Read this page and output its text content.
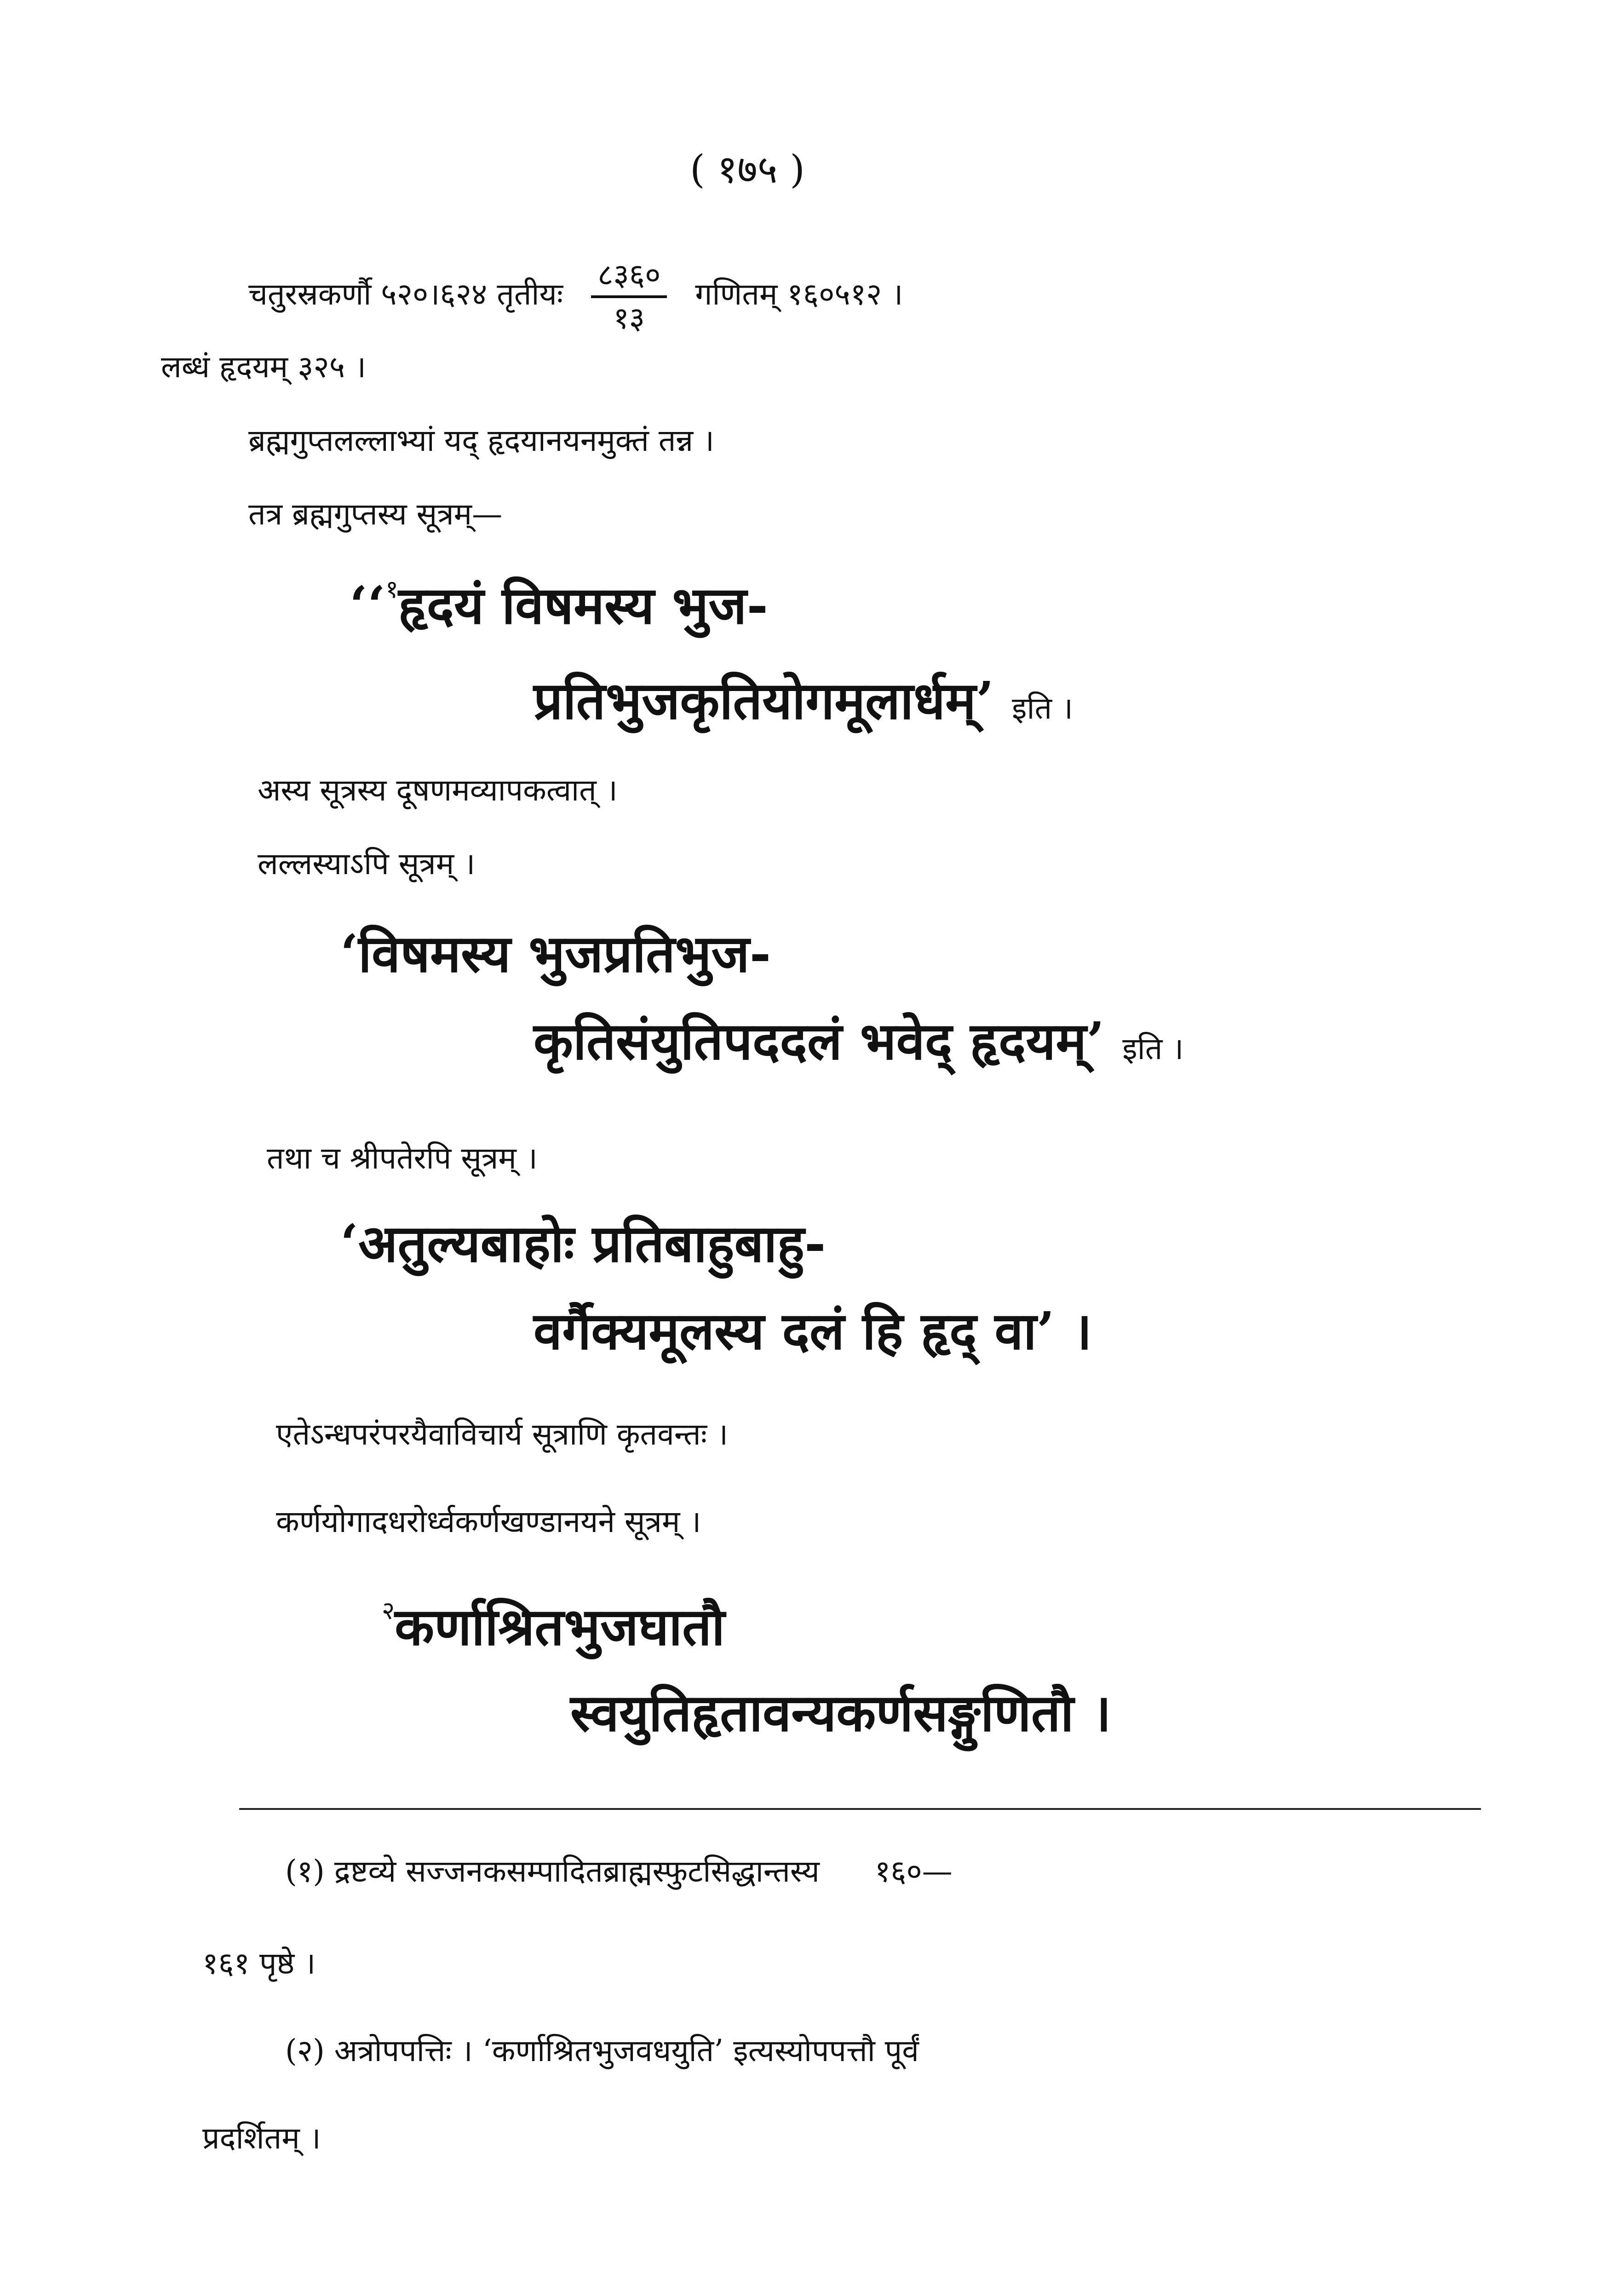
( १७५ )
चतुरस्रकर्णौ ५२०।६२४ तृतीयः $\frac{८३६०}{१३}$ गणितम् १६०५१२ ।
लब्धं हृदयम् ३२५ ।
ब्रह्मगुप्तलल्लाभ्यां यद् हृदयानयनमुक्तं तन्न ।
तत्र ब्रह्मगुप्तस्य सूत्रम्—
‘‘$^१$हृदयं विषमस्य भुज-
प्रतिभुजकृतियोगमूलार्धम्’ इति ।
अस्य सूत्रस्य दूषणमव्यापकत्वात् ।
लल्लस्याऽपि सूत्रम् ।
‘विषमस्य भुजप्रतिभुज-
कृतिसंयुतिपददलं भवेद् हृदयम्’ इति ।
तथा च श्रीपतेरपि सूत्रम् ।
‘अतुल्यबाहोः प्रतिबाहुबाहु-
वर्गैक्यमूलस्य दलं हि हृद् वा’ ।
एतेऽन्धपरंपरयैवाविचार्य सूत्राणि कृतवन्तः ।
कर्णयोगादधरोर्ध्वकर्णखण्डानयने सूत्रम् ।
$^२$कर्णाश्रितभुजघातौ
स्वयुतिहृतावन्यकर्णसङ्गुणितौ ।
(१) द्रष्टव्ये सज्जनकसम्पादितब्राह्मस्फुटसिद्धान्तस्य १६०—
१६१ पृष्ठे ।
(२) अत्रोपपत्तिः । ‘कर्णाश्रितभुजवधयुति’ इत्यस्योपपत्तौ पूर्वं
प्रदर्शितम् ।
